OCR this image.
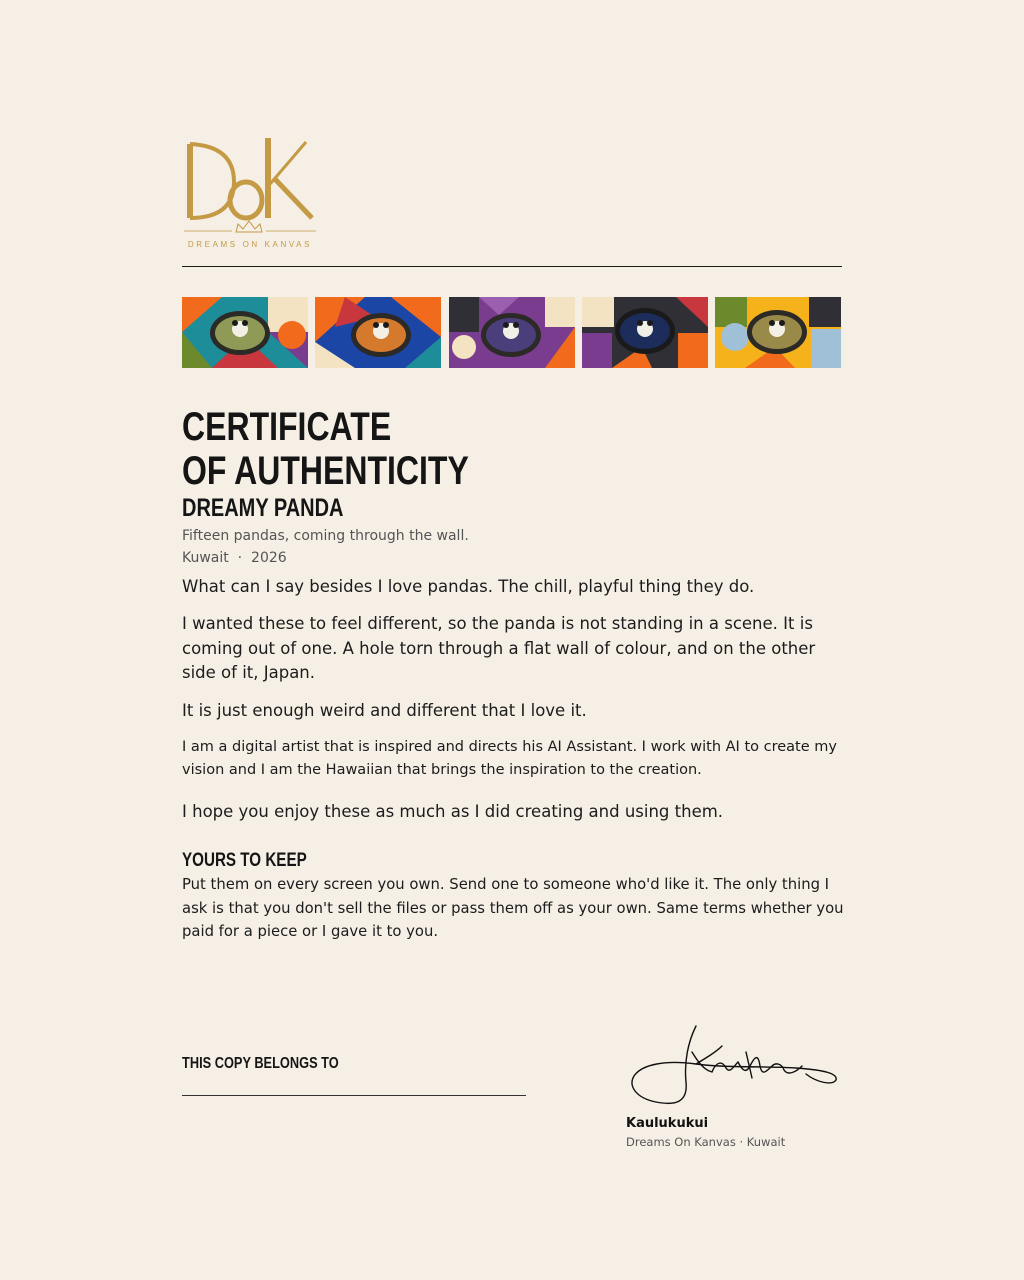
DREAMS ON KANVAS
CERTIFICATE
OF AUTHENTICITY
DREAMY PANDA
Fifteen pandas, coming through the wall.
Kuwait · 2026

What can I say besides I love pandas. The chill, playful thing they do.

I wanted these to feel different, so the panda is not standing in a scene. It is coming out of one. A hole torn through a flat wall of colour, and on the other side of it, Japan.

It is just enough weird and different that I love it.

I am a digital artist that is inspired and directs his AI Assistant. I work with AI to create my vision and I am the Hawaiian that brings the inspiration to the creation.

I hope you enjoy these as much as I did creating and using them.

YOURS TO KEEP

Put them on every screen you own. Send one to someone who'd like it. The only thing I ask is that you don't sell the files or pass them off as your own. Same terms whether you paid for a piece or I gave it to you.

THIS COPY BELONGS TO
Kaulukukui
Dreams On Kanvas · Kuwait
